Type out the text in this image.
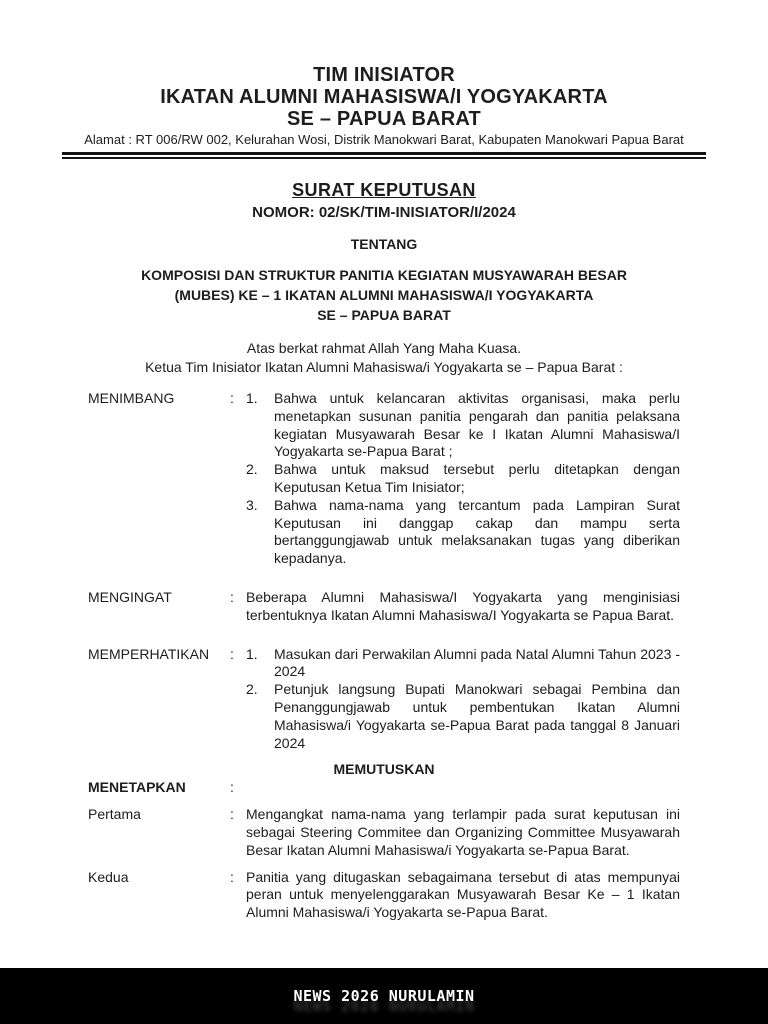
TIM INISIATOR
IKATAN ALUMNI MAHASISWA/I YOGYAKARTA
SE – PAPUA BARAT
Alamat : RT 006/RW 002, Kelurahan Wosi, Distrik Manokwari Barat, Kabupaten Manokwari Papua Barat
SURAT KEPUTUSAN
NOMOR: 02/SK/TIM-INISIATOR/I/2024
TENTANG
KOMPOSISI DAN STRUKTUR PANITIA KEGIATAN MUSYAWARAH BESAR
(MUBES) KE – 1 IKATAN ALUMNI MAHASISWA/I YOGYAKARTA
SE – PAPUA BARAT
Atas berkat rahmat Allah Yang Maha Kuasa.
Ketua Tim Inisiator Ikatan Alumni Mahasiswa/i Yogyakarta se – Papua Barat :
MENIMBANG	: 1.	Bahwa untuk kelancaran aktivitas organisasi, maka perlu menetapkan susunan panitia pengarah dan panitia pelaksana kegiatan Musyawarah Besar ke I Ikatan Alumni Mahasiswa/I Yogyakarta se-Papua Barat ;
2.	Bahwa untuk maksud tersebut perlu ditetapkan dengan Keputusan Ketua Tim Inisiator;
3.	Bahwa nama-nama yang tercantum pada Lampiran Surat Keputusan ini danggap cakap dan mampu serta bertanggungjawab untuk melaksanakan tugas yang diberikan kepadanya.
MENGINGAT	: Beberapa Alumni Mahasiswa/I Yogyakarta yang menginisiasi terbentuknya Ikatan Alumni Mahasiswa/I Yogyakarta se Papua Barat.
MEMPERHATIKAN	: 1.	Masukan dari Perwakilan Alumni pada Natal Alumni Tahun 2023 - 2024
2.	Petunjuk langsung Bupati Manokwari sebagai Pembina dan Penanggungjawab untuk pembentukan Ikatan Alumni Mahasiswa/i Yogyakarta se-Papua Barat pada tanggal 8 Januari 2024
MEMUTUSKAN
MENETAPKAN	:
Pertama	: Mengangkat nama-nama yang terlampir pada surat keputusan ini sebagai Steering Commitee dan Organizing Committee Musyawarah Besar Ikatan Alumni Mahasiswa/i Yogyakarta se-Papua Barat.
Kedua	: Panitia yang ditugaskan sebagaimana tersebut di atas mempunyai peran untuk menyelenggarakan Musyawarah Besar Ke – 1 Ikatan Alumni Mahasiswa/i Yogyakarta se-Papua Barat.
NEWS 2026 NURULAMIN
